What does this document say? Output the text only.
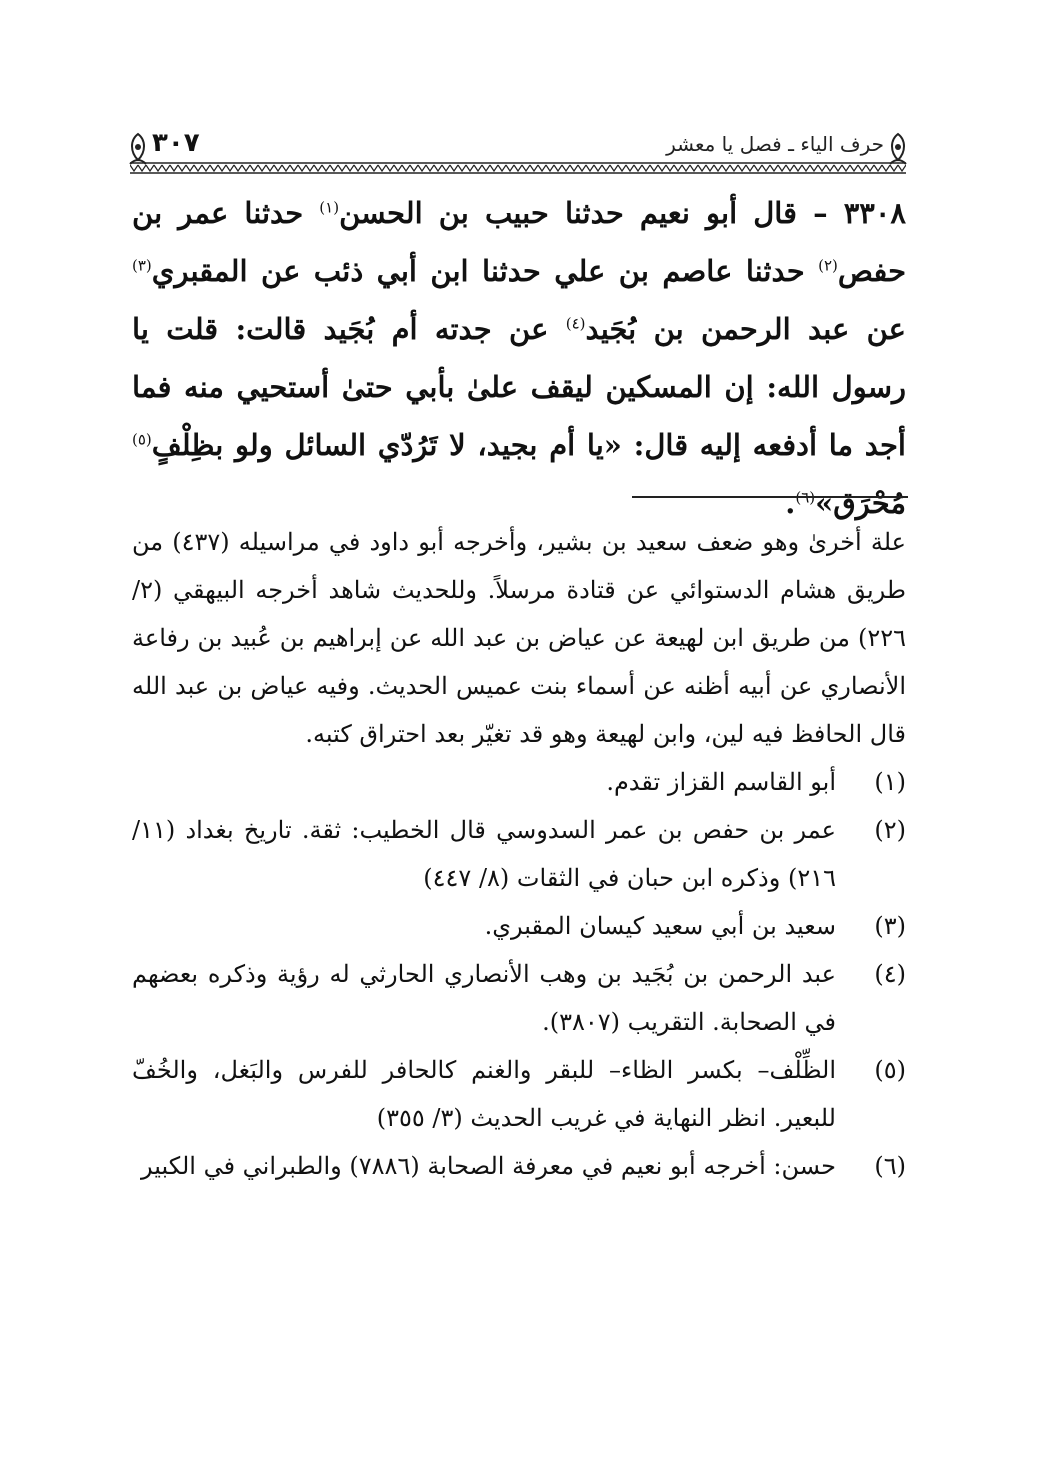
حرف الياء ـ فصل يا معشر
٣٠٧

٣٣٠٨ – قال أبو نعيم حدثنا حبيب بن الحسن$^{(١)}$ حدثنا عمر بن حفص$^{(٢)}$ حدثنا عاصم بن علي حدثنا ابن أبي ذئب عن المقبري$^{(٣)}$ عن عبد الرحمن بن بُجَيد$^{(٤)}$ عن جدته أم بُجَيد قالت: قلت يا رسول الله: إن المسكين ليقف علىٰ بأبي حتىٰ أستحيي منه فما أجد ما أدفعه إليه قال: «يا أم بجيد، لا تَرُدّي السائل ولو بظِلْفٍ$^{(٥)}$ مُحْرَق»$^{(٦)}$.

علة أخرىٰ وهو ضعف سعيد بن بشير، وأخرجه أبو داود في مراسيله (٤٣٧) من طريق هشام الدستوائي عن قتادة مرسلاً. وللحديث شاهد أخرجه البيهقي (٢/ ٢٢٦) من طريق ابن لهيعة عن عياض بن عبد الله عن إبراهيم بن عُبيد بن رفاعة الأنصاري عن أبيه أظنه عن أسماء بنت عميس الحديث. وفيه عياض بن عبد الله قال الحافظ فيه لين، وابن لهيعة وهو قد تغيّر بعد احتراق كتبه.

(١)
أبو القاسم القزاز تقدم.
(٢)
عمر بن حفص بن عمر السدوسي قال الخطيب: ثقة. تاريخ بغداد (١١/ ٢١٦) وذكره ابن حبان في الثقات (٨/ ٤٤٧)
(٣)
سعيد بن أبي سعيد كيسان المقبري.
(٤)
عبد الرحمن بن بُجَيد بن وهب الأنصاري الحارثي له رؤية وذكره بعضهم في الصحابة. التقريب (٣٨٠٧).
(٥)
الظِّلْف– بكسر الظاء– للبقر والغنم كالحافر للفرس والبَغل، والخُفّ للبعير. انظر النهاية في غريب الحديث (٣/ ٣٥٥)
(٦)
حسن: أخرجه أبو نعيم في معرفة الصحابة (٧٨٨٦) والطبراني في الكبير
